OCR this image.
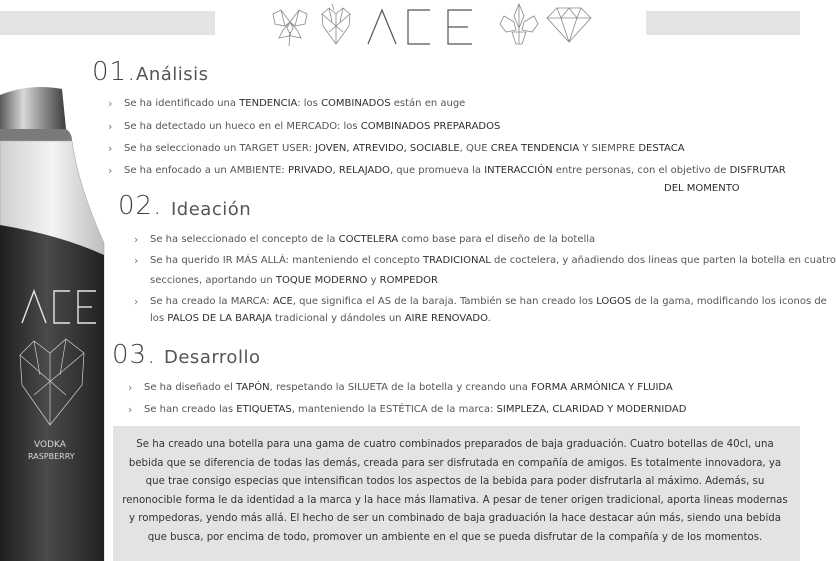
VODKA
RASPBERRY
01. Análisis
› Se ha identificado una TENDENCIA: los COMBINADOS están en auge
› Se ha detectado un hueco en el MERCADO: los COMBINADOS PREPARADOS
› Se ha seleccionado un TARGET USER: JOVEN, ATREVIDO, SOCIABLE, QUE CREA TENDENCIA Y SIEMPRE DESTACA
› Se ha enfocado a un AMBIENTE: PRIVADO, RELAJADO, que promueva la INTERACCIÓN entre personas, con el objetivo de DISFRUTAR
DEL MOMENTO
02. Ideación
› Se ha seleccionado el concepto de la COCTELERA como base para el diseño de la botella
› Se ha querido IR MÁS ALLÁ: manteniendo el concepto TRADICIONAL de coctelera, y añadiendo dos lineas que parten la botella en cuatro
secciones, aportando un TOQUE MODERNO y ROMPEDOR
› Se ha creado la MARCA: ACE, que significa el AS de la baraja. También se han creado los LOGOS de la gama, modificando los iconos de
los PALOS DE LA BARAJA tradicional y dándoles un AIRE RENOVADO.
03. Desarrollo
› Se ha diseñado el TAPÓN, respetando la SILUETA de la botella y creando una FORMA ARMÓNICA Y FLUIDA
› Se han creado las ETIQUETAS, manteniendo la ESTÉTICA de la marca: SIMPLEZA, CLARIDAD Y MODERNIDAD
Se ha creado una botella para una gama de cuatro combinados preparados de baja graduación. Cuatro botellas de 40cl, una bebida que se diferencia de todas las demás, creada para ser disfrutada en compañía de amigos. Es totalmente innovadora, ya que trae consigo especias que intensifican todos los aspectos de la bebida para poder disfrutarla al máximo. Además, su renonocible forma le da identidad a la marca y la hace más llamativa. A pesar de tener origen tradicional, aporta lineas modernas y rompedoras, yendo más allá. El hecho de ser un combinado de baja graduación la hace destacar aún más, siendo una bebida que busca, por encima de todo, promover un ambiente en el que se pueda disfrutar de la compañía y de los momentos.
